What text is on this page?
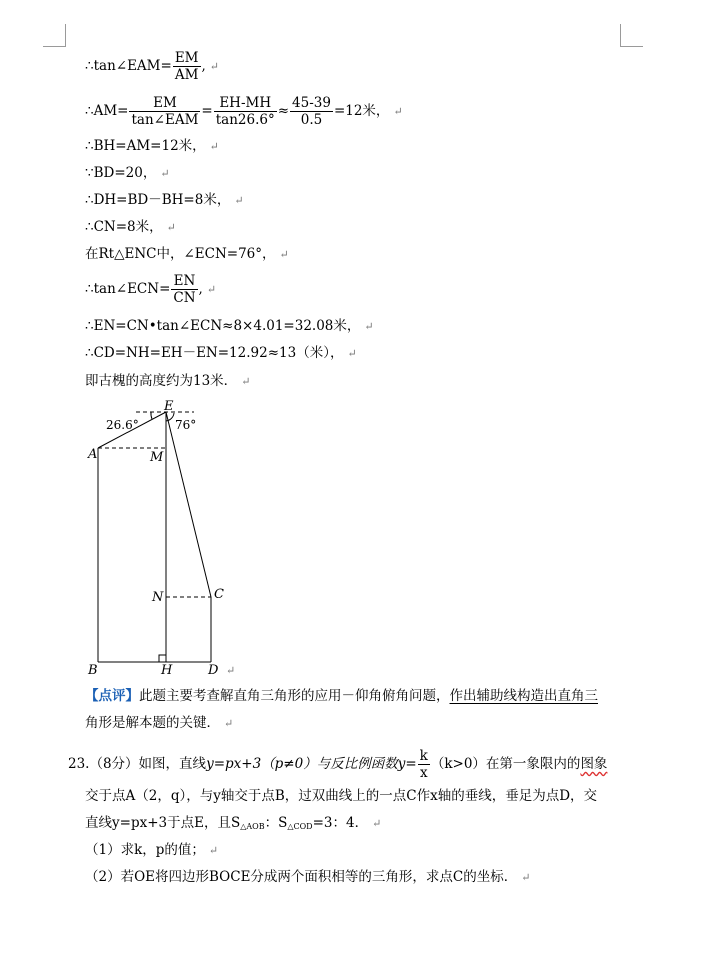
∴tan∠EAM= $\frac{EM}{AM}$ , ↵
∴AM= $\frac{EM}{\text{tan∠EAM}} = \frac{EH-MH}{\tan 26.6^\circ} \approx \frac{45-39}{0.5} =12$米， ↵
∴BH=AM=12米， ↵
∵BD=20， ↵
∴DH=BD－BH=8米， ↵
∴CN=8米， ↵
在Rt△ENC中，∠ECN=76°， ↵
∴tan∠ECN= $\frac{EN}{CN}$ , ↵
∴EN=CN•tan∠ECN≈8×4.01=32.08米， ↵
∴CD=NH=EH－EN=12.92≈13（米）， ↵
即古槐的高度约为13米． ↵
E
A	M
N	C
B	H	D
26.6°	76°
↵
【点评】此题主要考查解直角三角形的应用－仰角俯角问题，作出辅助线构造出直角三
角形是解本题的关键． ↵
23.（8分）如图，直线y=px+3（p≠0）与反比例函数$y= \frac{k}{x} (k>0)$在第一象限内的图象
交于点A（2，q），与y轴交于点B，过双曲线上的一点C作x轴的垂线，垂足为点D，交
直线y=px+3于点E，且$S_{\triangle AOB}$：$S_{\triangle COD}=3$：4． ↵
（1）求k，p的值； ↵
（2）若OE将四边形BOCE分成两个面积相等的三角形，求点C的坐标． ↵
